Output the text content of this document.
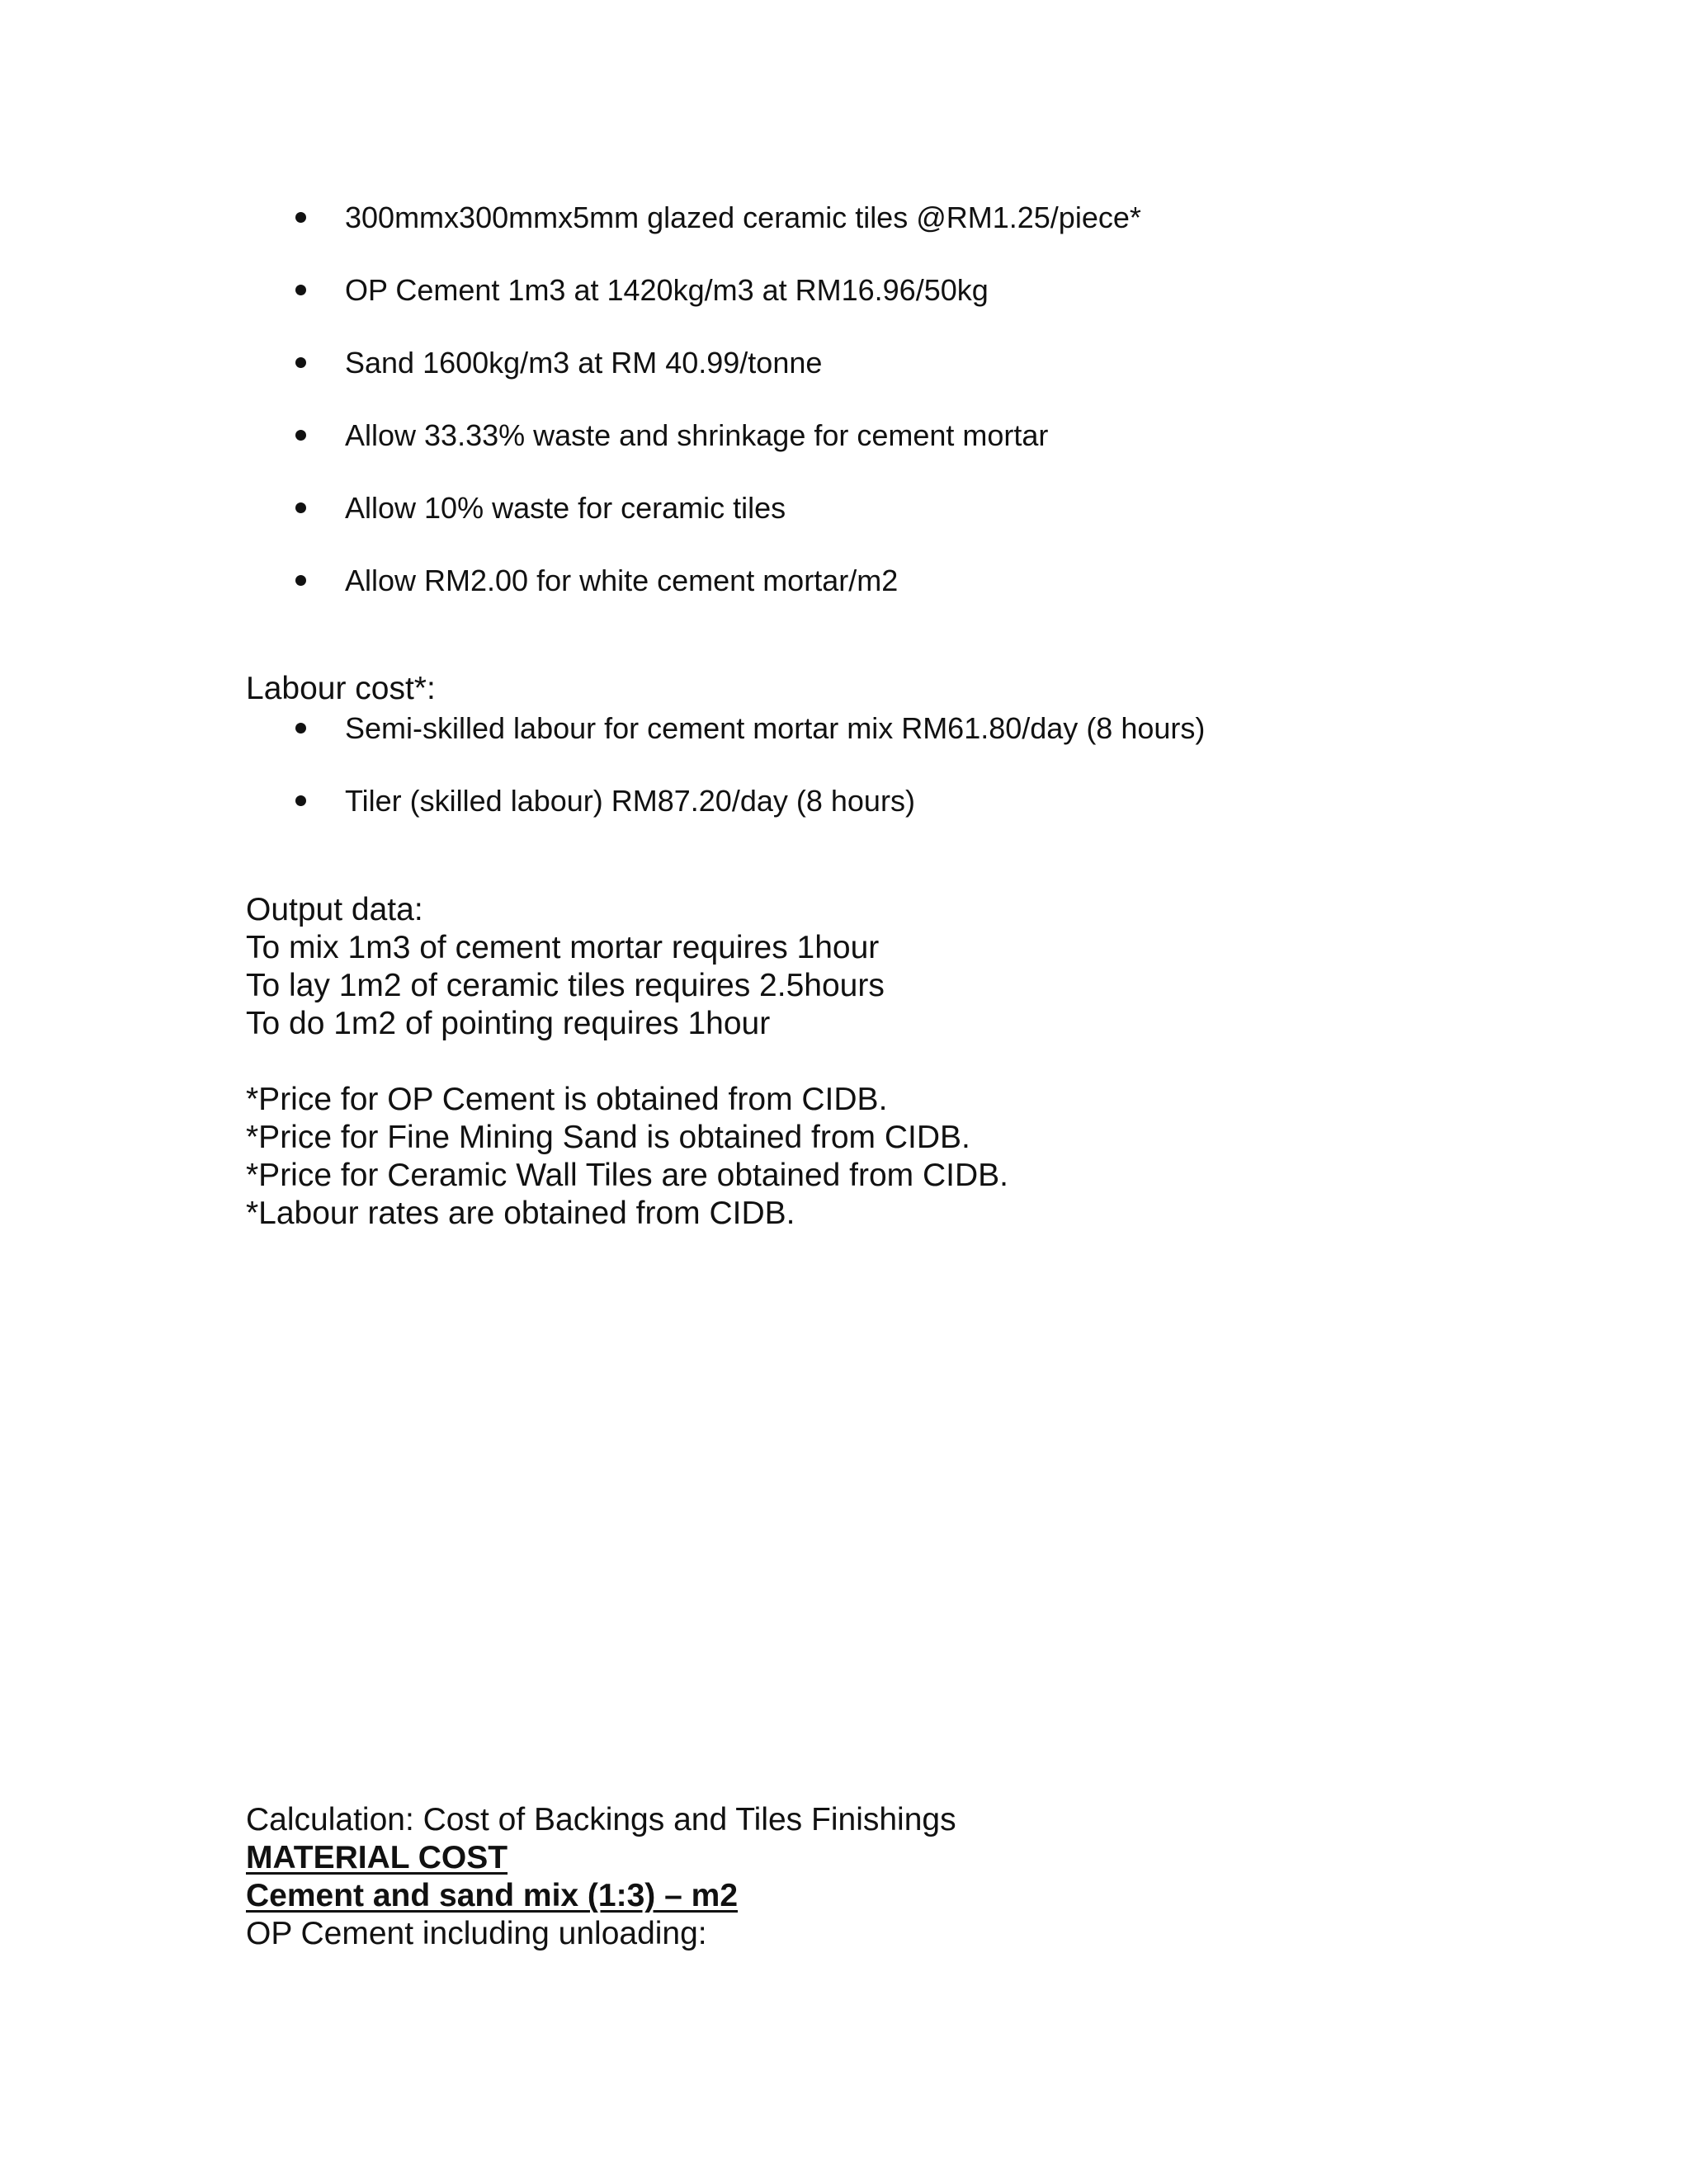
300mmx300mmx5mm glazed ceramic tiles @RM1.25/piece*
OP Cement 1m3 at 1420kg/m3 at RM16.96/50kg
Sand 1600kg/m3 at RM 40.99/tonne
Allow 33.33% waste and shrinkage for cement mortar
Allow 10% waste for ceramic tiles
Allow RM2.00 for white cement mortar/m2
Labour cost*:
Semi-skilled labour for cement mortar mix RM61.80/day (8 hours)
Tiler (skilled labour) RM87.20/day (8 hours)
Output data:
To mix 1m3 of cement mortar requires 1hour
To lay 1m2 of ceramic tiles requires 2.5hours
To do 1m2 of pointing requires 1hour
*Price for OP Cement is obtained from CIDB.
*Price for Fine Mining Sand is obtained from CIDB.
*Price for Ceramic Wall Tiles are obtained from CIDB.
*Labour rates are obtained from CIDB.
Calculation: Cost of Backings and Tiles Finishings
MATERIAL COST
Cement and sand mix (1:3) – m2
OP Cement including unloading:
